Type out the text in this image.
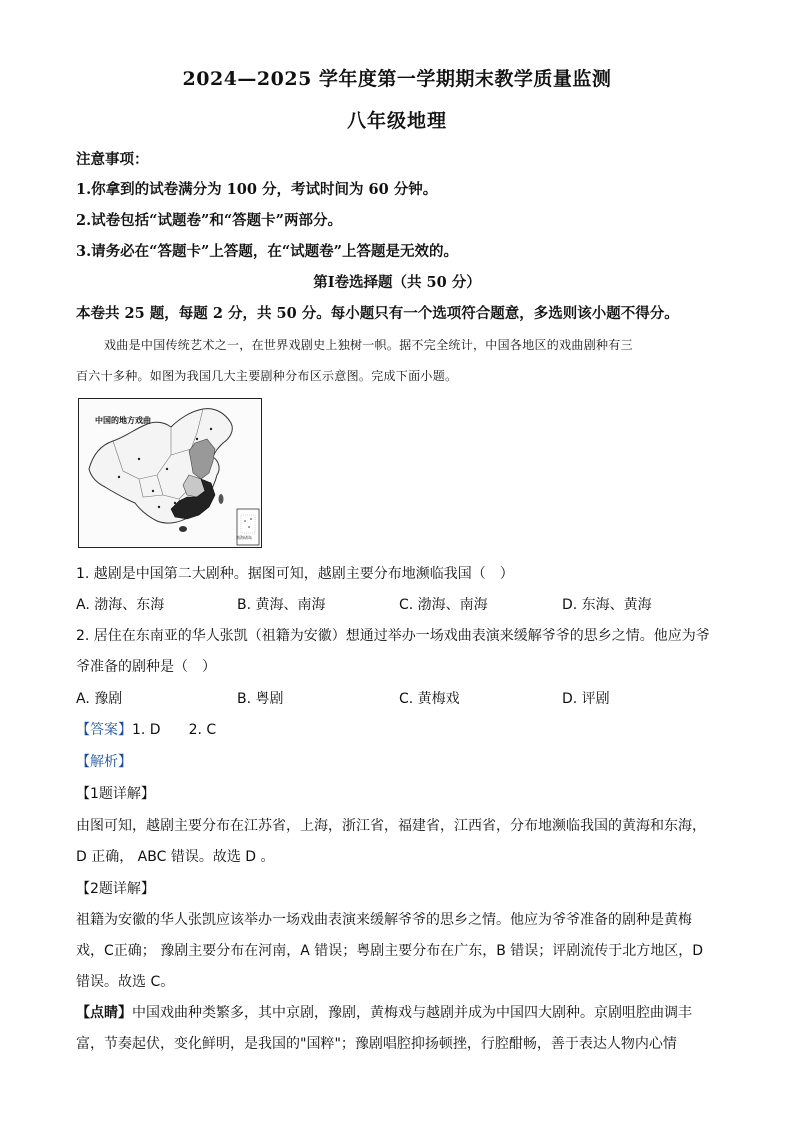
2024—2025 学年度第一学期期末教学质量监测
八年级地理
注意事项：
1.你拿到的试卷满分为 100 分，考试时间为 60 分钟。
2.试卷包括“试题卷”和“答题卡”两部分。
3.请务必在“答题卡”上答题，在“试题卷”上答题是无效的。
第Ⅰ卷选择题（共 50 分）
本卷共 25 题，每题 2 分，共 50 分。每小题只有一个选项符合题意，多选则该小题不得分。
戏曲是中国传统艺术之一，在世界戏剧史上独树一帜。据不完全统计，中国各地区的戏曲剧种有三
百六十多种。如图为我国几大主要剧种分布区示意图。完成下面小题。
中国的地方戏曲
南海诸岛
1. 越剧是中国第二大剧种。据图可知，越剧主要分布地濒临我国（　）
A. 渤海、东海	B. 黄海、南海	C. 渤海、南海	D. 东海、黄海
2. 居住在东南亚的华人张凯（祖籍为安徽）想通过举办一场戏曲表演来缓解爷爷的思乡之情。他应为爷
爷准备的剧种是（　）
A. 豫剧	B. 粤剧	C. 黄梅戏	D. 评剧
【答案】1. D　　2. C
【解析】
【1题详解】
由图可知，越剧主要分布在江苏省，上海，浙江省，福建省，江西省，分布地濒临我国的黄海和东海，
D 正确， ABC 错误。故选 D 。
【2题详解】
祖籍为安徽的华人张凯应该举办一场戏曲表演来缓解爷爷的思乡之情。他应为爷爷准备的剧种是黄梅
戏，C正确； 豫剧主要分布在河南，A 错误；粤剧主要分布在广东，B 错误；评剧流传于北方地区，D
错误。故选 C。
【点睛】中国戏曲种类繁多，其中京剧，豫剧，黄梅戏与越剧并成为中国四大剧种。京剧咀腔曲调丰
富，节奏起伏，变化鲜明，是我国的"国粹"；豫剧唱腔抑扬顿挫，行腔酣畅，善于表达人物内心情
